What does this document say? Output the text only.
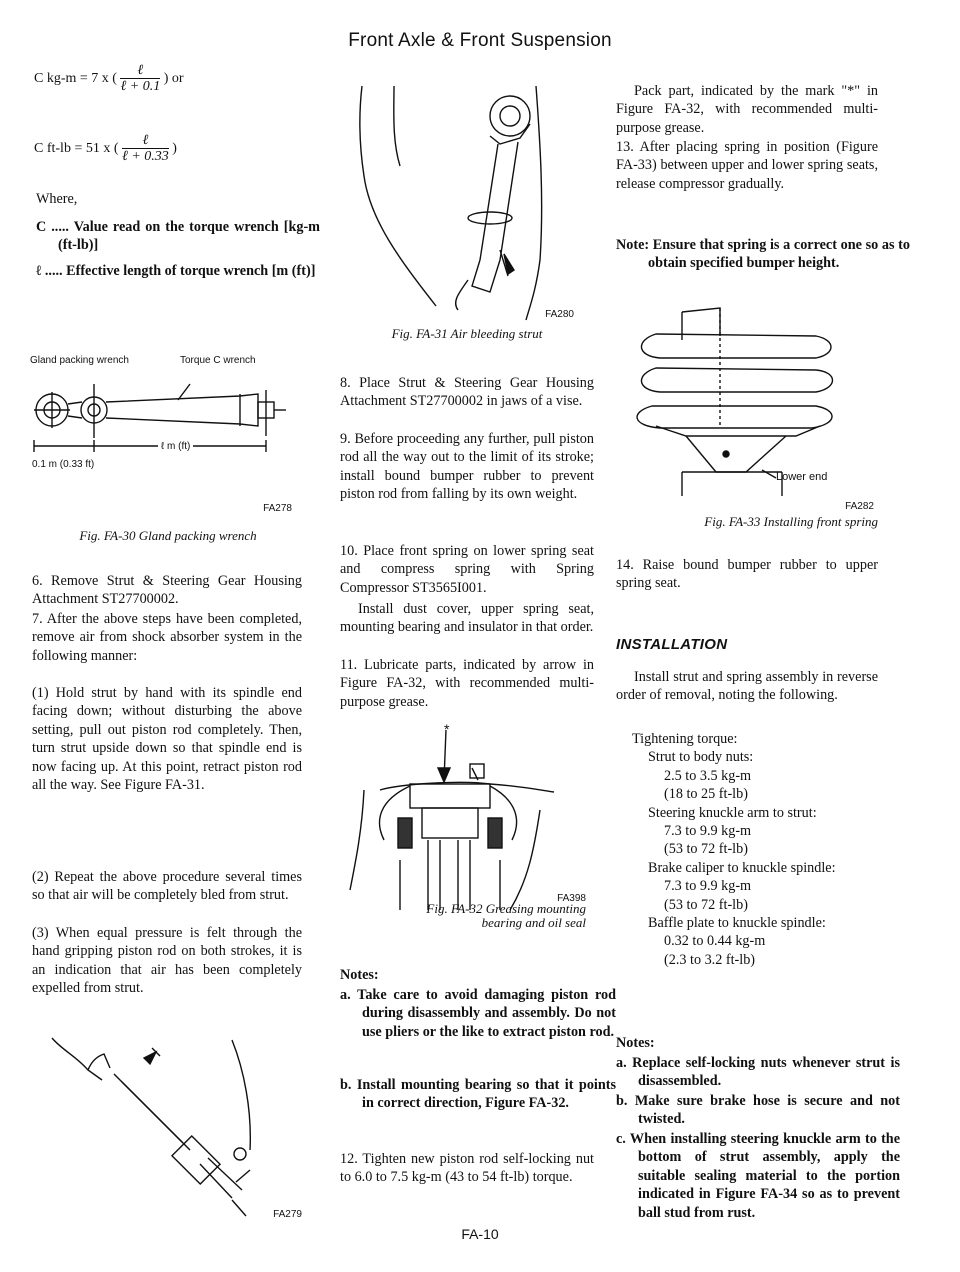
Front Axle & Front Suspension
C kg-m = 7 x ( $\frac{\text{ℓ}}{\text{ℓ + 0.1}}$ ) or
C ft-lb = 51 x ( $\frac{\text{ℓ}}{\text{ℓ + 0.33}}$ )

Where,

C ..... Value read on the torque wrench [kg-m (ft-lb)]

ℓ ..... Effective length of torque wrench [m (ft)]

Gland packing wrench	Torque C wrench
ℓ m (ft)
0.1 m (0.33 ft)
FA278
Fig. FA-30 Gland packing wrench

6. Remove Strut & Steering Gear Housing Attachment ST27700002.

7. After the above steps have been completed, remove air from shock absorber system in the following manner:

(1) Hold strut by hand with its spindle end facing down; without disturbing the above setting, pull out piston rod completely. Then, turn strut upside down so that spindle end is now facing up. At this point, retract piston rod all the way. See Figure FA-31.

(2) Repeat the above procedure several times so that air will be completely bled from strut.

(3) When equal pressure is felt through the hand gripping piston rod on both strokes, it is an indication that air has been completely expelled from strut.

FA279
FA280
Fig. FA-31 Air bleeding strut

8. Place Strut & Steering Gear Housing Attachment ST27700002 in jaws of a vise.

9. Before proceeding any further, pull piston rod all the way out to the limit of its stroke; install bound bumper rubber to prevent piston rod from falling by its own weight.

10. Place front spring on lower spring seat and compress spring with Spring Compressor ST3565I001.

Install dust cover, upper spring seat, mounting bearing and insulator in that order.

11. Lubricate parts, indicated by arrow in Figure FA-32, with recommended multi-purpose grease.

*
FA398
Fig. FA-32 Greasing mounting
bearing and oil seal

Notes:

a. Take care to avoid damaging piston rod during disassembly and assembly. Do not use pliers or the like to extract piston rod.

b. Install mounting bearing so that it points in correct direction, Figure FA-32.

12. Tighten new piston rod self-locking nut to 6.0 to 7.5 kg-m (43 to 54 ft-lb) torque.

FA-10

Pack part, indicated by the mark "*" in Figure FA-32, with recommended multi-purpose grease.

13. After placing spring in position (Figure FA-33) between upper and lower spring seats, release compressor gradually.

Note: Ensure that spring is a correct one so as to obtain specified bumper height.

Lower end
FA282
Fig. FA-33 Installing front spring

14. Raise bound bumper rubber to upper spring seat.

INSTALLATION

Install strut and spring assembly in reverse order of removal, noting the following.

Tightening torque:
Strut to body nuts:
2.5 to 3.5 kg-m
(18 to 25 ft-lb)
Steering knuckle arm to strut:
7.3 to 9.9 kg-m
(53 to 72 ft-lb)
Brake caliper to knuckle spindle:
7.3 to 9.9 kg-m
(53 to 72 ft-lb)
Baffle plate to knuckle spindle:
0.32 to 0.44 kg-m
(2.3 to 3.2 ft-lb)

Notes:

a. Replace self-locking nuts whenever strut is disassembled.

b. Make sure brake hose is secure and not twisted.

c. When installing steering knuckle arm to the bottom of strut assembly, apply the suitable sealing material to the portion indicated in Figure FA-34 so as to prevent ball stud from rust.
